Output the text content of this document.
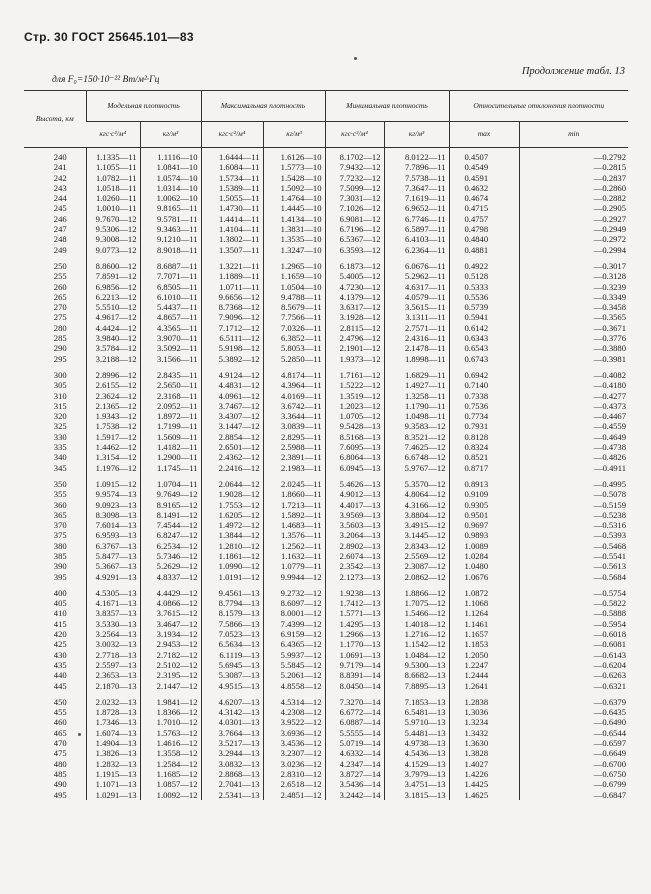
Стр. 30 ГОСТ 25645.101—83
для F₀=150·10⁻²² Вт/м²·Гц
Продолжение табл. 13
Высота, км	Модельная плотность		Максимальная плотность		Минимальная плотность		Относительные отклонения плотности	
	кгс·с²/м⁴	кг/м³	кгс·с²/м⁴	кг/м³	кгс·с²/м⁴	кг/м³	max	min
240	1.1335—11	1.1116—10	1.6444—11	1.6126—10	8.1702—12	8.0122—11	0.4507	—0.2792
241	1.1055—11	1.0841—10	1.6084—11	1.5773—10	7.9432—12	7.7896—11	0.4549	—0.2815
242	1.0782—11	1.0574—10	1.5734—11	1.5428—10	7.7232—12	7.5738—11	0.4591	—0.2837
243	1.0518—11	1.0314—10	1.5389—11	1.5092—10	7.5099—12	7.3647—11	0.4632	—0.2860
244	1.0260—11	1.0062—10	1.5055—11	1.4764—10	7.3031—12	7.1619—11	0.4674	—0.2882
245	1.0010—11	9.8165—11	1.4730—11	1.4445—10	7.1026—12	6.9652—11	0.4715	—0.2905
246	9.7670—12	9.5781—11	1.4414—11	1.4134—10	6.9081—12	6.7746—11	0.4757	—0.2927
247	9.5306—12	9.3463—11	1.4104—11	1.3831—10	6.7196—12	6.5897—11	0.4798	—0.2949
248	9.3008—12	9.1210—11	1.3802—11	1.3535—10	6.5367—12	6.4103—11	0.4840	—0.2972
249	9.0773—12	8.9018—11	1.3507—11	1.3247—10	6.3593—12	6.2364—11	0.4881	—0.2994
250	8.8600—12	8.6887—11	1.3221—11	1.2965—10	6.1873—12	6.0676—11	0.4922	—0.3017
255	7.8591—12	7.7071—11	1.1889—11	1.1659—10	5.4005—12	5.2962—11	0.5128	—0.3128
260	6.9856—12	6.8505—11	1.0711—11	1.0504—10	4.7230—12	4.6317—11	0.5333	—0.3239
265	6.2213—12	6.1010—11	9.6656—12	9.4788—11	4.1379—12	4.0579—11	0.5536	—0.3349
270	5.5510—12	5.4437—11	8.7368—12	8.5679—11	3.6317—12	3.5615—11	0.5739	—0.3458
275	4.9617—12	4.8657—11	7.9096—12	7.7566—11	3.1928—12	3.1311—11	0.5941	—0.3565
280	4.4424—12	4.3565—11	7.1712—12	7.0326—11	2.8115—12	2.7571—11	0.6142	—0.3671
285	3.9840—12	3.9070—11	6.5111—12	6.3852—11	2.4796—12	2.4316—11	0.6343	—0.3776
290	3.5784—12	3.5092—11	5.9198—12	5.8053—11	2.1901—12	2.1478—11	0.6543	—0.3880
295	3.2188—12	3.1566—11	5.3892—12	5.2850—11	1.9373—12	1.8998—11	0.6743	—0.3981
300	2.8996—12	2.8435—11	4.9124—12	4.8174—11	1.7161—12	1.6829—11	0.6942	—0.4082
305	2.6155—12	2.5650—11	4.4831—12	4.3964—11	1.5222—12	1.4927—11	0.7140	—0.4180
310	2.3624—12	2.3168—11	4.0961—12	4.0169—11	1.3519—12	1.3258—11	0.7338	—0.4277
315	2.1365—12	2.0952—11	3.7467—12	3.6742—11	1.2023—12	1.1790—11	0.7536	—0.4373
320	1.9343—12	1.8972—11	3.4307—12	3.3644—11	1.0705—12	1.0498—11	0.7734	—0.4467
325	1.7538—12	1.7199—11	3.1447—12	3.0839—11	9.5428—13	9.3583—12	0.7931	—0.4559
330	1.5917—12	1.5609—11	2.8854—12	2.8295—11	8.5168—13	8.3521—12	0.8128	—0.4649
335	1.4462—12	1.4182—11	2.6501—12	2.5988—11	7.6095—13	7.4625—12	0.8324	—0.4738
340	1.3154—12	1.2900—11	2.4362—12	2.3891—11	6.8064—13	6.6748—12	0.8521	—0.4826
345	1.1976—12	1.1745—11	2.2416—12	2.1983—11	6.0945—13	5.9767—12	0.8717	—0.4911
350	1.0915—12	1.0704—11	2.0644—12	2.0245—11	5.4626—13	5.3570—12	0.8913	—0.4995
355	9.9574—13	9.7649—12	1.9028—12	1.8660—11	4.9012—13	4.8064—12	0.9109	—0.5078
360	9.0923—13	8.9165—12	1.7553—12	1.7213—11	4.4017—13	4.3166—12	0.9305	—0.5159
365	8.3098—13	8.1491—12	1.6205—12	1.5892—11	3.9569—13	3.8804—12	0.9501	—0.5238
370	7.6014—13	7.4544—12	1.4972—12	1.4683—11	3.5603—13	3.4915—12	0.9697	—0.5316
375	6.9593—13	6.8247—12	1.3844—12	1.3576—11	3.2064—13	3.1445—12	0.9893	—0.5393
380	6.3767—13	6.2534—12	1.2810—12	1.2562—11	2.8902—13	2.8343—12	1.0089	—0.5468
385	5.8477—13	5.7346—12	1.1861—12	1.1632—11	2.6074—13	2.5569—12	1.0284	—0.5541
390	5.3667—13	5.2629—12	1.0990—12	1.0779—11	2.3542—13	2.3087—12	1.0480	—0.5613
395	4.9291—13	4.8337—12	1.0191—12	9.9944—12	2.1273—13	2.0862—12	1.0676	—0.5684
400	4.5305—13	4.4429—12	9.4561—13	9.2732—12	1.9238—13	1.8866—12	1.0872	—0.5754
405	4.1671—13	4.0866—12	8.7794—13	8.6097—12	1.7412—13	1.7075—12	1.1068	—0.5822
410	3.8357—13	3.7615—12	8.1579—13	8.0001—12	1.5771—13	1.5466—12	1.1264	—0.5888
415	3.5330—13	3.4647—12	7.5866—13	7.4399—12	1.4295—13	1.4018—12	1.1461	—0.5954
420	3.2564—13	3.1934—12	7.0523—13	6.9159—12	1.2966—13	1.2716—12	1.1657	—0.6018
425	3.0032—13	2.9453—12	6.5634—13	6.4365—12	1.1770—13	1.1542—12	1.1853	—0.6081
430	2.7718—13	2.7182—12	6.1119—13	5.9937—12	1.0691—13	1.0484—12	1.2050	—0.6143
435	2.5597—13	2.5102—12	5.6945—13	5.5845—12	9.7179—14	9.5300—13	1.2247	—0.6204
440	2.3653—13	2.3195—12	5.3087—13	5.2061—12	8.8391—14	8.6682—13	1.2444	—0.6263
445	2.1870—13	2.1447—12	4.9515—13	4.8558—12	8.0450—14	7.8895—13	1.2641	—0.6321
450	2.0232—13	1.9841—12	4.6207—13	4.5314—12	7.3270—14	7.1853—13	1.2838	—0.6379
455	1.8728—13	1.8366—12	4.3142—13	4.2308—12	6.6772—14	6.5481—13	1.3036	—0.6435
460	1.7346—13	1.7010—12	4.0301—13	3.9522—12	6.0887—14	5.9710—13	1.3234	—0.6490
465	1.6074—13	1.5763—12	3.7664—13	3.6936—12	5.5555—14	5.4481—13	1.3432	—0.6544
470	1.4904—13	1.4616—12	3.5217—13	3.4536—12	5.0719—14	4.9738—13	1.3630	—0.6597
475	1.3826—13	1.3558—12	3.2944—13	3.2307—12	4.6332—14	4.5436—13	1.3828	—0.6649
480	1.2832—13	1.2584—12	3.0832—13	3.0236—12	4.2347—14	4.1529—13	1.4027	—0.6700
485	1.1915—13	1.1685—12	2.8868—13	2.8310—12	3.8727—14	3.7979—13	1.4226	—0.6750
490	1.1071—13	1.0857—12	2.7041—13	2.6518—12	3.5436—14	3.4751—13	1.4425	—0.6799
495	1.0291—13	1.0092—12	2.5341—13	2.4851—12	3.2442—14	3.1815—13	1.4625	—0.6847
